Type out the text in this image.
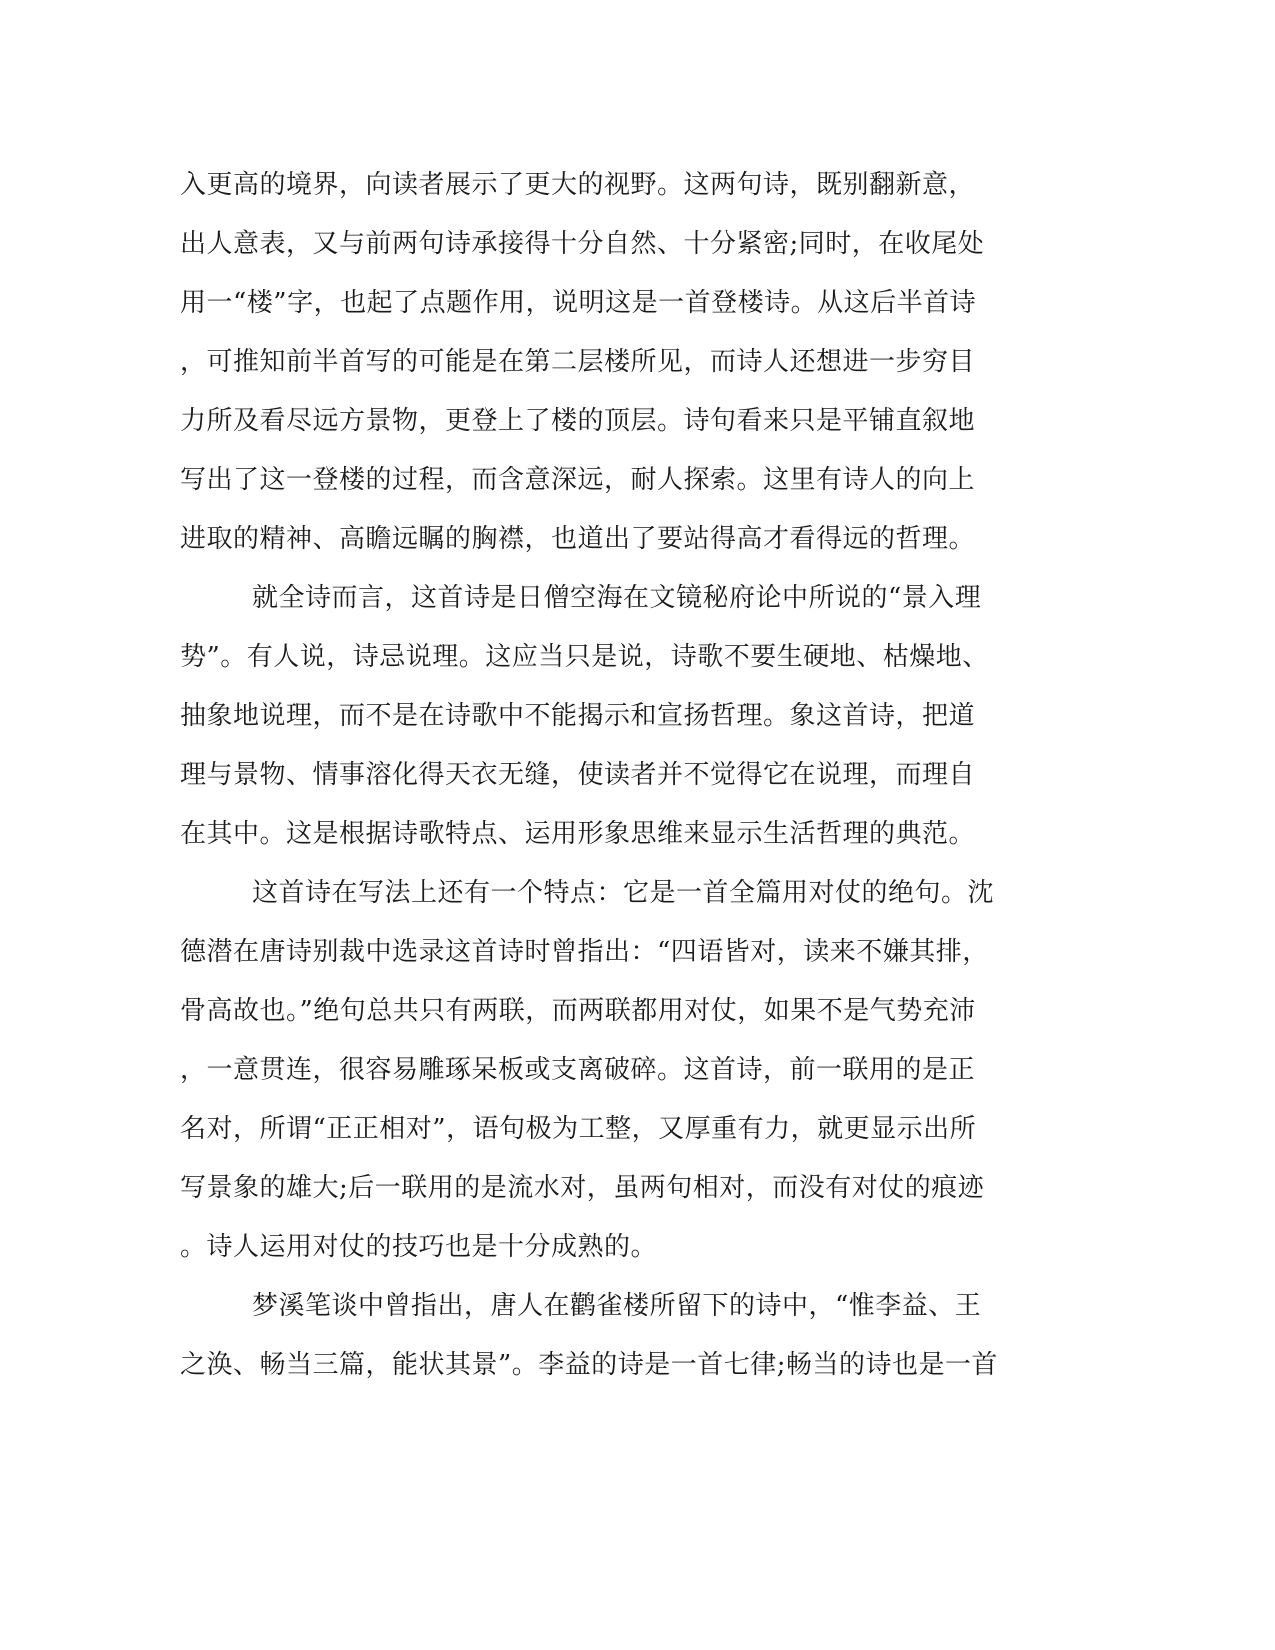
入更高的境界，向读者展示了更大的视野。这两句诗，既别翻新意，
出人意表，又与前两句诗承接得十分自然、十分紧密;同时，在收尾处
用一“楼”字，也起了点题作用，说明这是一首登楼诗。从这后半首诗
，可推知前半首写的可能是在第二层楼所见，而诗人还想进一步穷目
力所及看尽远方景物，更登上了楼的顶层。诗句看来只是平铺直叙地
写出了这一登楼的过程，而含意深远，耐人探索。这里有诗人的向上
进取的精神、高瞻远瞩的胸襟，也道出了要站得高才看得远的哲理。
就全诗而言，这首诗是日僧空海在文镜秘府论中所说的“景入理
势”。有人说，诗忌说理。这应当只是说，诗歌不要生硬地、枯燥地、
抽象地说理，而不是在诗歌中不能揭示和宣扬哲理。象这首诗，把道
理与景物、情事溶化得天衣无缝，使读者并不觉得它在说理，而理自
在其中。这是根据诗歌特点、运用形象思维来显示生活哲理的典范。
这首诗在写法上还有一个特点：它是一首全篇用对仗的绝句。沈
德潜在唐诗别裁中选录这首诗时曾指出：“四语皆对，读来不嫌其排，
骨高故也。”绝句总共只有两联，而两联都用对仗，如果不是气势充沛
，一意贯连，很容易雕琢呆板或支离破碎。这首诗，前一联用的是正
名对，所谓“正正相对”，语句极为工整，又厚重有力，就更显示出所
写景象的雄大;后一联用的是流水对，虽两句相对，而没有对仗的痕迹
。诗人运用对仗的技巧也是十分成熟的。
梦溪笔谈中曾指出，唐人在鹳雀楼所留下的诗中，“惟李益、王
之涣、畅当三篇，能状其景”。李益的诗是一首七律;畅当的诗也是一首
